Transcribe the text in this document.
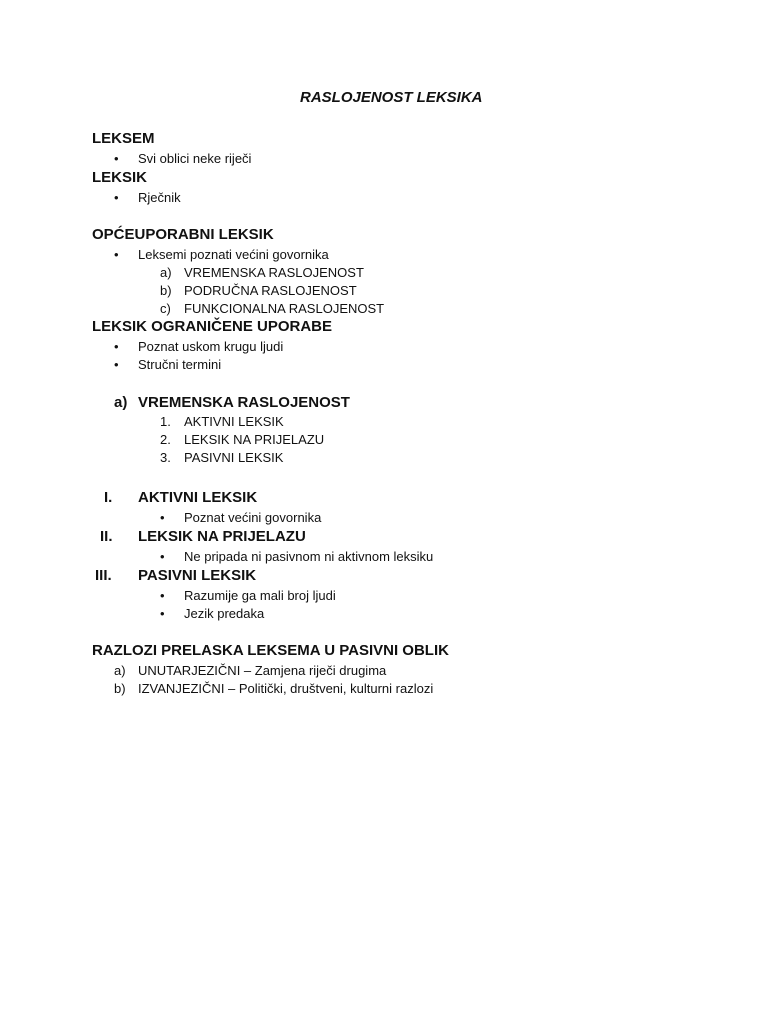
RASLOJENOST LEKSIKA
LEKSEM
• Svi oblici neke riječi
LEKSIK
• Rječnik
OPĆEUPORABNI LEKSIK
• Leksemi poznati većini govornika
a) VREMENSKA RASLOJENOST
b) PODRUČNA RASLOJENOST
c) FUNKCIONALNA RASLOJENOST
LEKSIK OGRANIČENE UPORABE
• Poznat uskom krugu ljudi
• Stručni termini
a) VREMENSKA RASLOJENOST
1. AKTIVNI LEKSIK
2. LEKSIK NA PRIJELAZU
3. PASIVNI LEKSIK
I. AKTIVNI LEKSIK
• Poznat većini govornika
II. LEKSIK NA PRIJELAZU
• Ne pripada ni pasivnom ni aktivnom leksiku
III. PASIVNI LEKSIK
• Razumije ga mali broj ljudi
• Jezik predaka
RAZLOZI PRELASKA LEKSEMA U PASIVNI OBLIK
a) UNUTARJEZIČNI – Zamjena riječi drugima
b) IZVANJEZIČNI – Politički, društveni, kulturni razlozi
